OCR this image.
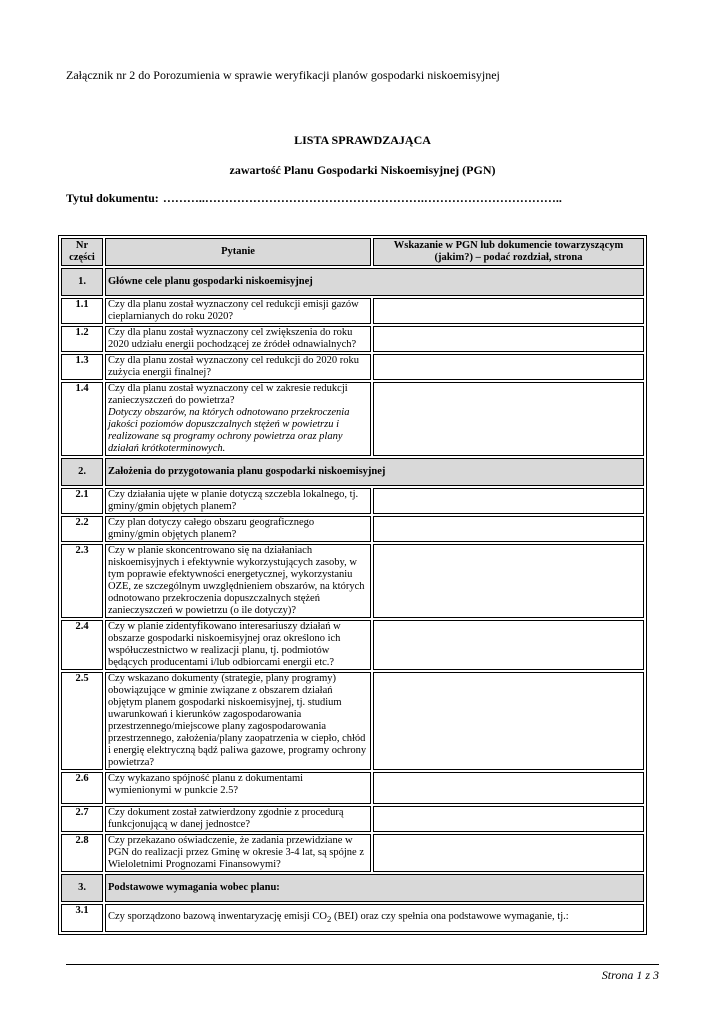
Załącznik nr 2 do Porozumienia w sprawie weryfikacji planów gospodarki niskoemisyjnej
LISTA SPRAWDZAJĄCA
zawartość Planu Gospodarki Niskoemisyjnej (PGN)
Tytuł dokumentu: ………..……………………………………………….……………………………..
Nr części	Pytanie	Wskazanie w PGN lub dokumencie towarzyszącym (jakim?) – podać rozdział, strona
1.	Główne cele planu gospodarki niskoemisyjnej	
1.1	Czy dla planu został wyznaczony cel redukcji emisji gazów cieplarnianych do roku 2020?	
1.2	Czy dla planu został wyznaczony cel zwiększenia do roku 2020 udziału energii pochodzącej ze źródeł odnawialnych?	
1.3	Czy dla planu został wyznaczony cel redukcji do 2020 roku zużycia energii finalnej?	
1.4	Czy dla planu został wyznaczony cel w zakresie redukcji zanieczyszczeń do powietrza?
Dotyczy obszarów, na których odnotowano przekroczenia jakości poziomów dopuszczalnych stężeń w powietrzu i realizowane są programy ochrony powietrza oraz plany działań krótkoterminowych.	
2.	Założenia do przygotowania planu gospodarki niskoemisyjnej	
2.1	Czy działania ujęte w planie dotyczą szczebla lokalnego, tj. gminy/gmin objętych planem?	
2.2	Czy plan dotyczy całego obszaru geograficznego gminy/gmin objętych planem?	
2.3	Czy w planie skoncentrowano się na działaniach niskoemisyjnych i efektywnie wykorzystujących zasoby, w tym poprawie efektywności energetycznej, wykorzystaniu OZE, ze szczególnym uwzględnieniem obszarów, na których odnotowano przekroczenia dopuszczalnych stężeń zanieczyszczeń w powietrzu (o ile dotyczy)?	
2.4	Czy w planie zidentyfikowano interesariuszy działań w obszarze gospodarki niskoemisyjnej oraz określono ich współuczestnictwo w realizacji planu, tj. podmiotów będących producentami i/lub odbiorcami energii etc.?	
2.5	Czy wskazano dokumenty (strategie, plany programy) obowiązujące w gminie związane z obszarem działań objętym planem gospodarki niskoemisyjnej, tj. studium uwarunkowań i kierunków zagospodarowania przestrzennego/miejscowe plany zagospodarowania przestrzennego, założenia/plany zaopatrzenia w ciepło, chłód i energię elektryczną bądź paliwa gazowe, programy ochrony powietrza?	
2.6	Czy wykazano spójność planu z dokumentami wymienionymi w punkcie 2.5?	
2.7	Czy dokument został zatwierdzony zgodnie z procedurą funkcjonującą w danej jednostce?	
2.8	Czy przekazano oświadczenie, że zadania przewidziane w PGN do realizacji przez Gminę w okresie 3-4 lat, są spójne z Wieloletnimi Prognozami Finansowymi?	
3.	Podstawowe wymagania wobec planu:	
3.1	Czy sporządzono bazową inwentaryzację emisji $CO_2$ (BEI) oraz czy spełnia ona podstawowe wymaganie, tj.:	
Strona 1 z 3
